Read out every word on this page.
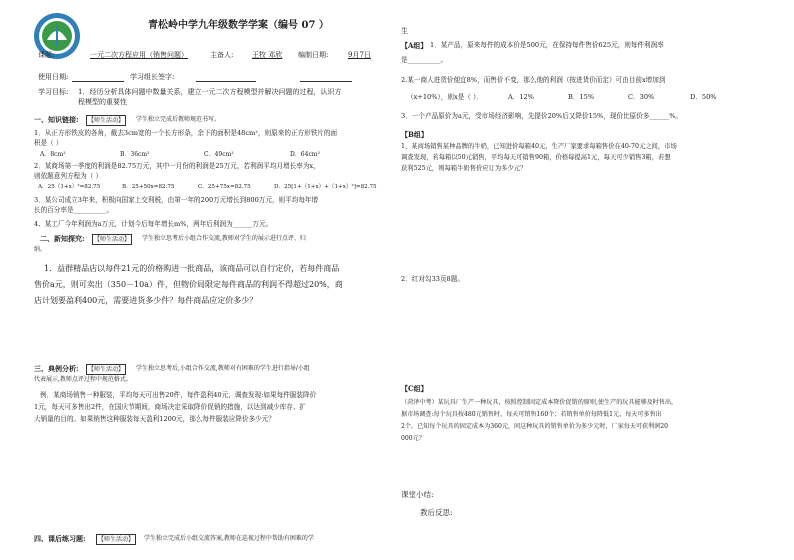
青松岭中学九年级数学学案（编号 07 ）
课题:	一元二次方程应用（销售问题）	主备人:	王牧 邓欣 编制日期:	9月7日
使用日期:	学习组长签字:
学习目标: 1．经历分析具体问题中数量关系，建立一元二次方程模型并解决问题的过程，认识方
程模型的重要性
一、知识链接:	【师生活动】	学生独立完成后教师规范书写。
1．从正方形铁皮的各角，截去3cm宽的一个长方形条，余下的面积是48cm²，则原来的正方形铁片的面
积是（ ）
A．8cm²	B．36cm²	C．49cm²	D．64cm²
2．某商场第一季度的利润是82.75万元，其中一月份的利润是25万元，若利润平均月增长率为x，
则依题意列方程为（ ）
A．25（1+x）²=82.75	B．25+50x=82.75	C．25+75x=82.75	D．25[1+（1+x）+（1+x）²]=82.75
3．某公司成立3年来，积极向国家上交利税，由第一年的200万元增长到800万元，则平均每年增
长的百分率是__________。
4、某工厂今年利润为a万元，计划今后每年增长m%，两年后利润为______万元。
二、新知探究:	【师生活动】	学生独立思考后小组合作交流,教师对学生的展示进行点评、归
纳。
1．益群精品店以每件21元的价格购进一批商品，该商品可以自行定价，若每件商品
售价a元，则可卖出（350－10a）件，但物价局限定每件商品的利润不得超过20%，商
店计划要盈利400元，需要进货多少件？每件商品应定价多少？
三、典例分析:	【师生活动】	学生独立思考后,小组合作交流,教师对有困难的学生进行指导/小组
代表展示,教师点评过程中规范格式。
例．某商场销售一种服装，平均每天可出售20件，每件盈利40元，调查发现:如果每件服装降价
1元，每天可多售出2件，在国庆节期间，商场决定采取降价促销的措施，以达到减少库存、扩
大销量的目的。如果销售这种服装每天盈利1200元，那么每件服装应降价多少元？
四、课后练习题:	【师生活动】	学生独立完成后小组交流答案,教师在巡视过程中帮助有困难的学
生
【A组】 1．某产品，原来每件的成本价是500元，在保持每件售价625元，则每件利润率
是__________。
2.某一商人进货价便宜8%，而售价不变，那么他的利润（按进货价而定）可由目前x增加到
（x+10%），则x是（ ）．	A．12%	B．15%	C．30%	D．50%
3．一个产品原价为a元，受市场经济影响，先提价20%后又降价15%，现价比原价多______%。
【B组】
1、某商场销售某种品牌的牛奶，已知进价每箱40元，生产厂家要求每箱售价在40-70元之间，市场
调查发现，若每箱以50元销售，平均每天可销售90箱，价格每提高1元，每天可少销售3箱，若想
获利525元，则每箱牛奶售价应订为多少元？
2．红对勾33页8题。
【C组】
（菏泽中考）某玩具厂生产一种玩具，按照控制固定成本降价促销的原则,使生产的玩具能够及时售出，
据市场调查:每个玩具按480元销售时，每天可销售160个；若销售单价每降低1元，每天可多售出
2个，已知每个玩具的固定成本为360元，问这种玩具的销售单价为多少元时，厂家每天可获利润20
000元？
课堂小结:
教后反思:
